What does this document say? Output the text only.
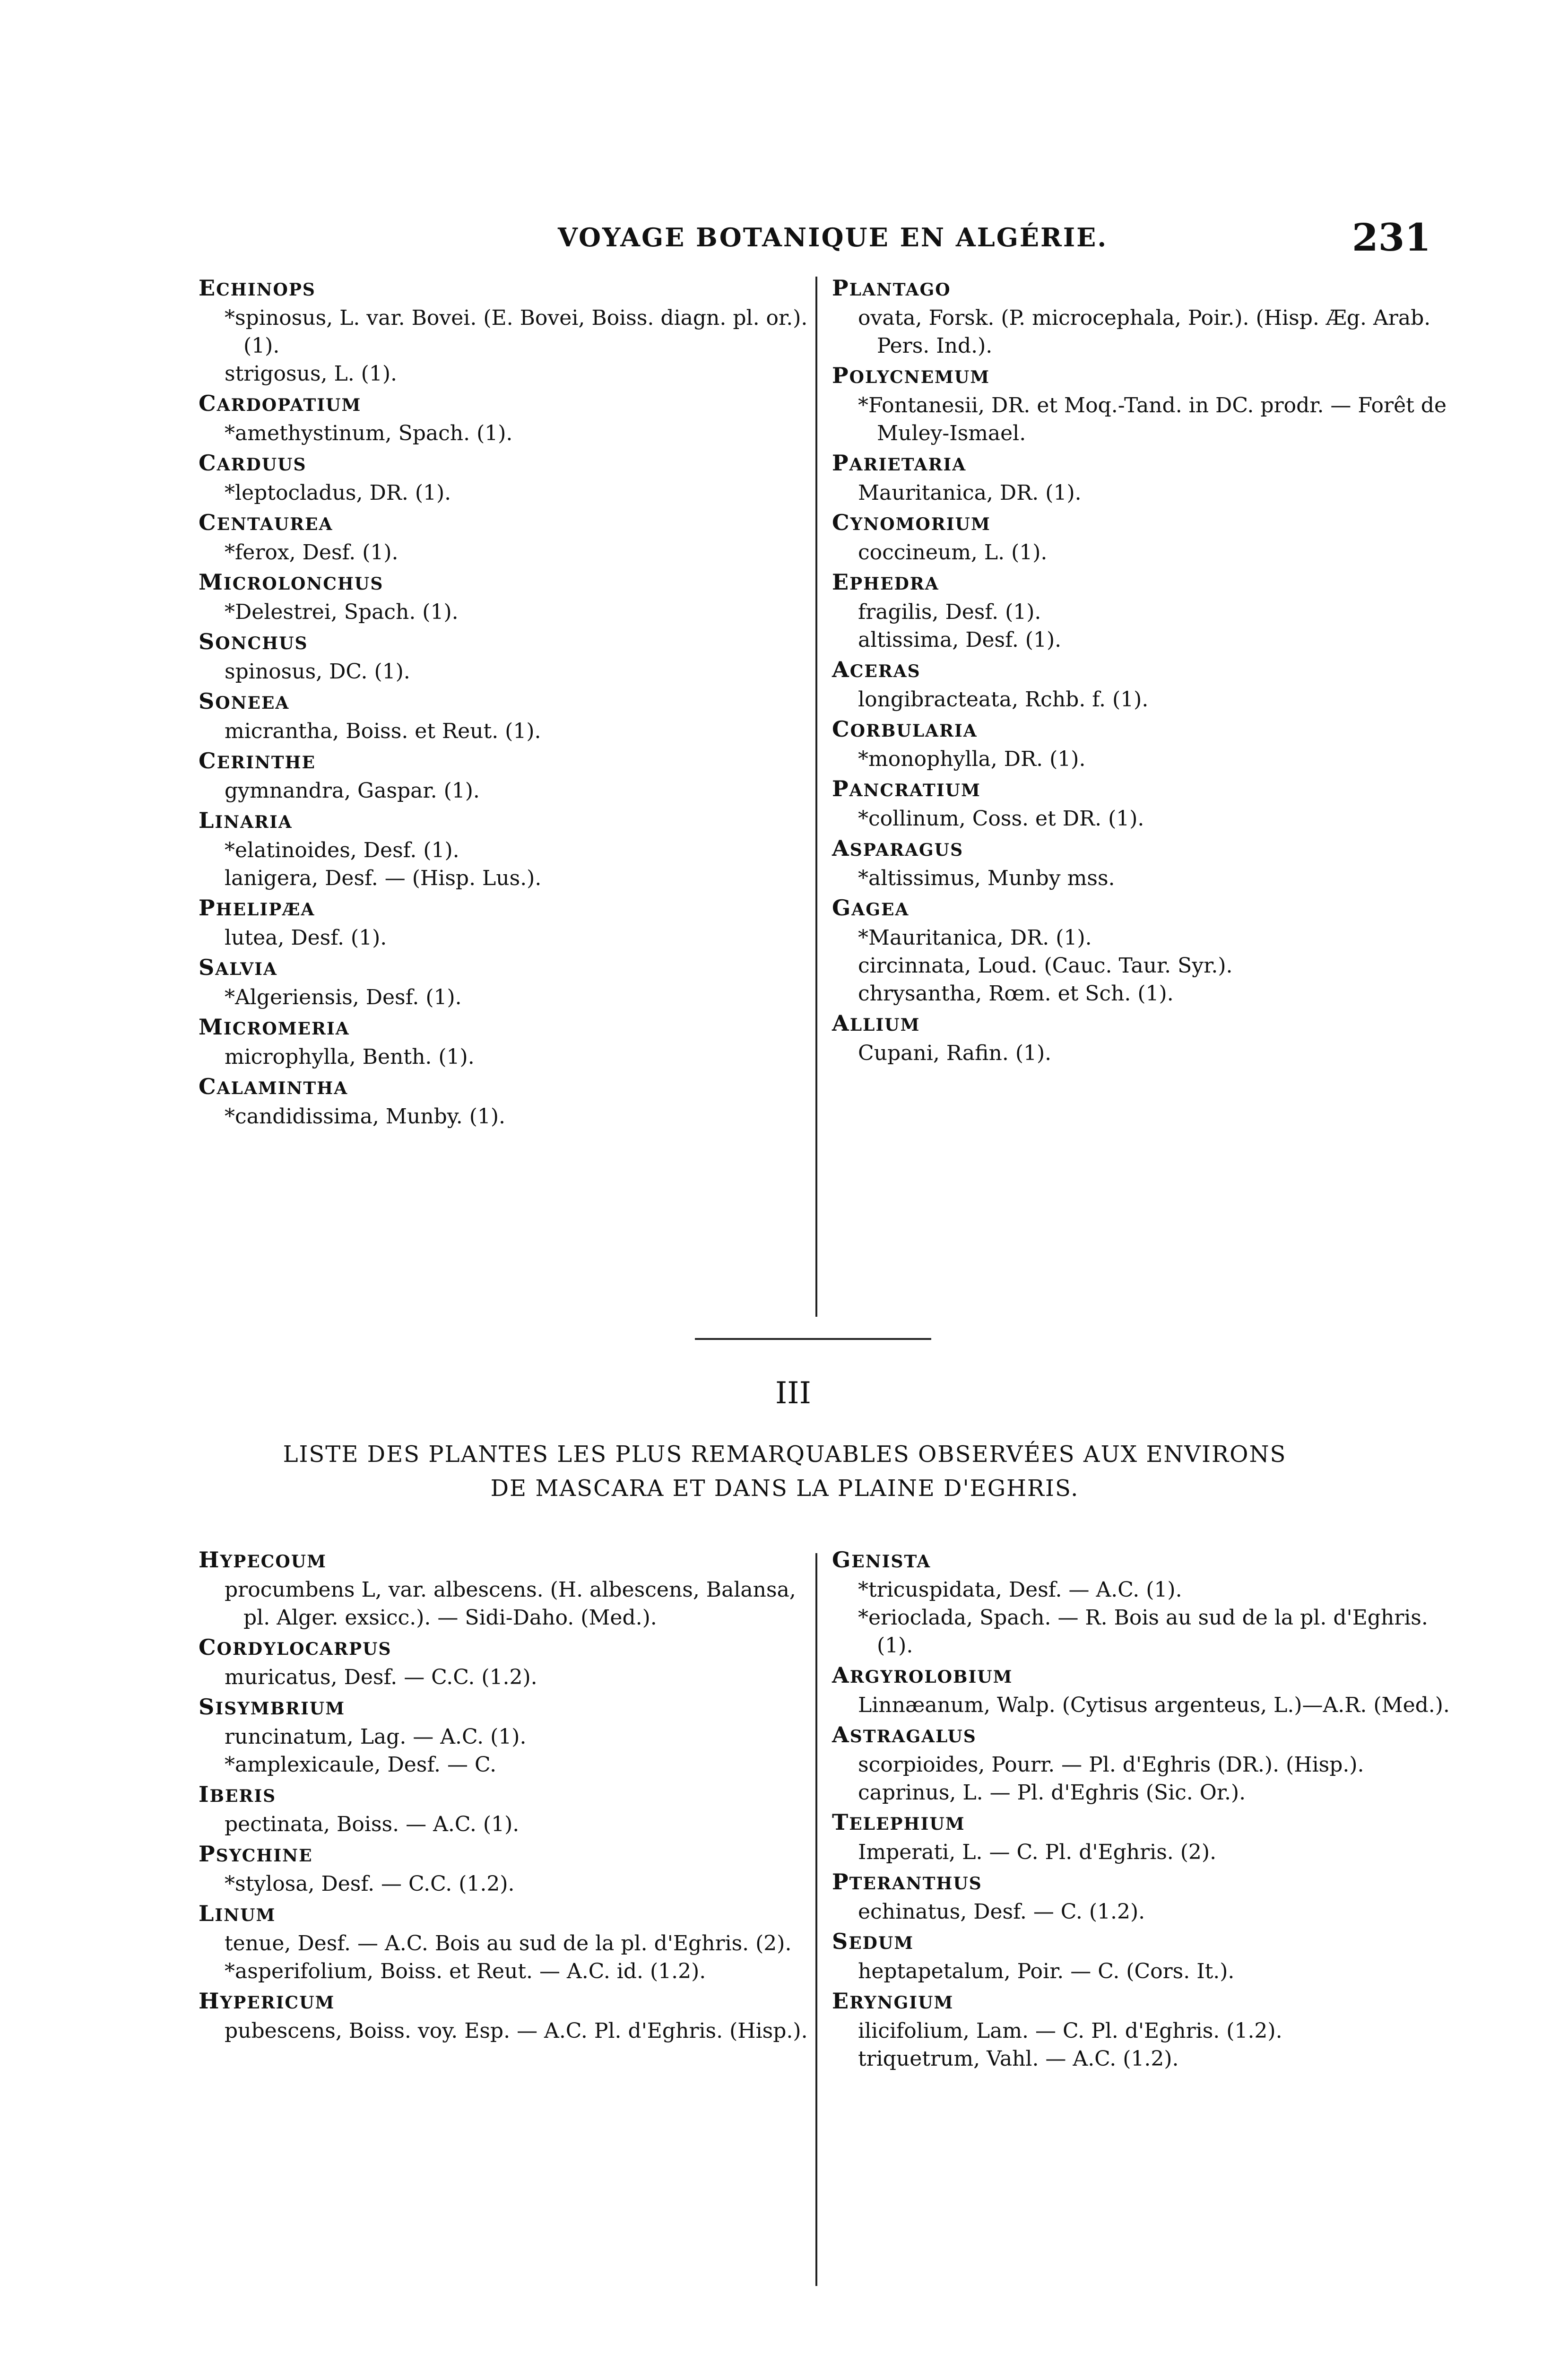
VOYAGE BOTANIQUE EN ALGÉRIE.	231
ECHINOPS
*spinosus, L. var. Bovei. (E. Bovei, Boiss. diagn. pl. or.). (1).
strigosus, L. (1).
CARDOPATIUM
*amethystinum, Spach. (1).
CARDUUS
*leptocladus, DR. (1).
CENTAUREA
*ferox, Desf. (1).
MICROLONCHUS
*Delestrei, Spach. (1).
SONCHUS
spinosus, DC. (1).
SONEEA
micrantha, Boiss. et Reut. (1).
CERINTHE
gymnandra, Gaspar. (1).
LINARIA
*elatinoides, Desf. (1).
lanigera, Desf. — (Hisp. Lus.).
PHELIPÆA
lutea, Desf. (1).
SALVIA
*Algeriensis, Desf. (1).
MICROMERIA
microphylla, Benth. (1).
CALAMINTHA
*candidissima, Munby. (1).
PLANTAGO
ovata, Forsk. (P. microcephala, Poir.). (Hisp. Æg. Arab. Pers. Ind.).
POLYCNEMUM
*Fontanesii, DR. et Moq.-Tand. in DC. prodr. — Forêt de Muley-Ismael.
PARIETARIA
Mauritanica, DR. (1).
CYNOMORIUM
coccineum, L. (1).
EPHEDRA
fragilis, Desf. (1).
altissima, Desf. (1).
ACERAS
longibracteata, Rchb. f. (1).
CORBULARIA
*monophylla, DR. (1).
PANCRATIUM
*collinum, Coss. et DR. (1).
ASPARAGUS
*altissimus, Munby mss.
GAGEA
*Mauritanica, DR. (1).
circinnata, Loud. (Cauc. Taur. Syr.).
chrysantha, Rœm. et Sch. (1).
ALLIUM
Cupani, Rafin. (1).
III
LISTE DES PLANTES LES PLUS REMARQUABLES OBSERVÉES AUX ENVIRONS
DE MASCARA ET DANS LA PLAINE D'EGHRIS.
HYPECOUM
procumbens L, var. albescens. (H. albescens, Balansa, pl. Alger. exsicc.). — Sidi-Daho. (Med.).
CORDYLOCARPUS
muricatus, Desf. — C.C. (1.2).
SISYMBRIUM
runcinatum, Lag. — A.C. (1).
*amplexicaule, Desf. — C.
IBERIS
pectinata, Boiss. — A.C. (1).
PSYCHINE
*stylosa, Desf. — C.C. (1.2).
LINUM
tenue, Desf. — A.C. Bois au sud de la pl. d'Eghris. (2).
*asperifolium, Boiss. et Reut. — A.C. id. (1.2).
HYPERICUM
pubescens, Boiss. voy. Esp. — A.C. Pl. d'Eghris. (Hisp.).
GENISTA
*tricuspidata, Desf. — A.C. (1).
*erioclada, Spach. — R. Bois au sud de la pl. d'Eghris. (1).
ARGYROLOBIUM
Linnæanum, Walp. (Cytisus argenteus, L.)—A.R. (Med.).
ASTRAGALUS
scorpioides, Pourr. — Pl. d'Eghris (DR.). (Hisp.).
caprinus, L. — Pl. d'Eghris (Sic. Or.).
TELEPHIUM
Imperati, L. — C. Pl. d'Eghris. (2).
PTERANTHUS
echinatus, Desf. — C. (1.2).
SEDUM
heptapetalum, Poir. — C. (Cors. It.).
ERYNGIUM
ilicifolium, Lam. — C. Pl. d'Eghris. (1.2).
triquetrum, Vahl. — A.C. (1.2).
